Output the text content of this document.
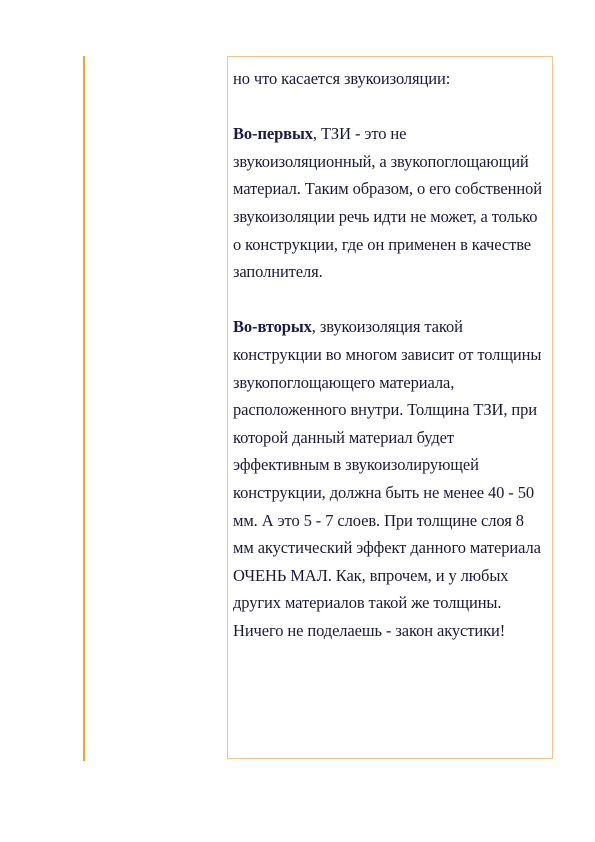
но что касается звукоизоляции:

Во-первых, ТЗИ - это не звукоизоляционный, а звукопоглощающий материал. Таким образом, о его собственной звукоизоляции речь идти не может, а только о конструкции, где он применен в качестве заполнителя.

Во-вторых, звукоизоляция такой конструкции во многом зависит от толщины звукопоглощающего материала, расположенного внутри. Толщина ТЗИ, при которой данный материал будет эффективным в звукоизолирующей конструкции, должна быть не менее 40 - 50 мм. А это 5 - 7 слоев. При толщине слоя 8 мм акустический эффект данного материала ОЧЕНЬ МАЛ. Как, впрочем, и у любых других материалов такой же толщины. Ничего не поделаешь - закон акустики!
